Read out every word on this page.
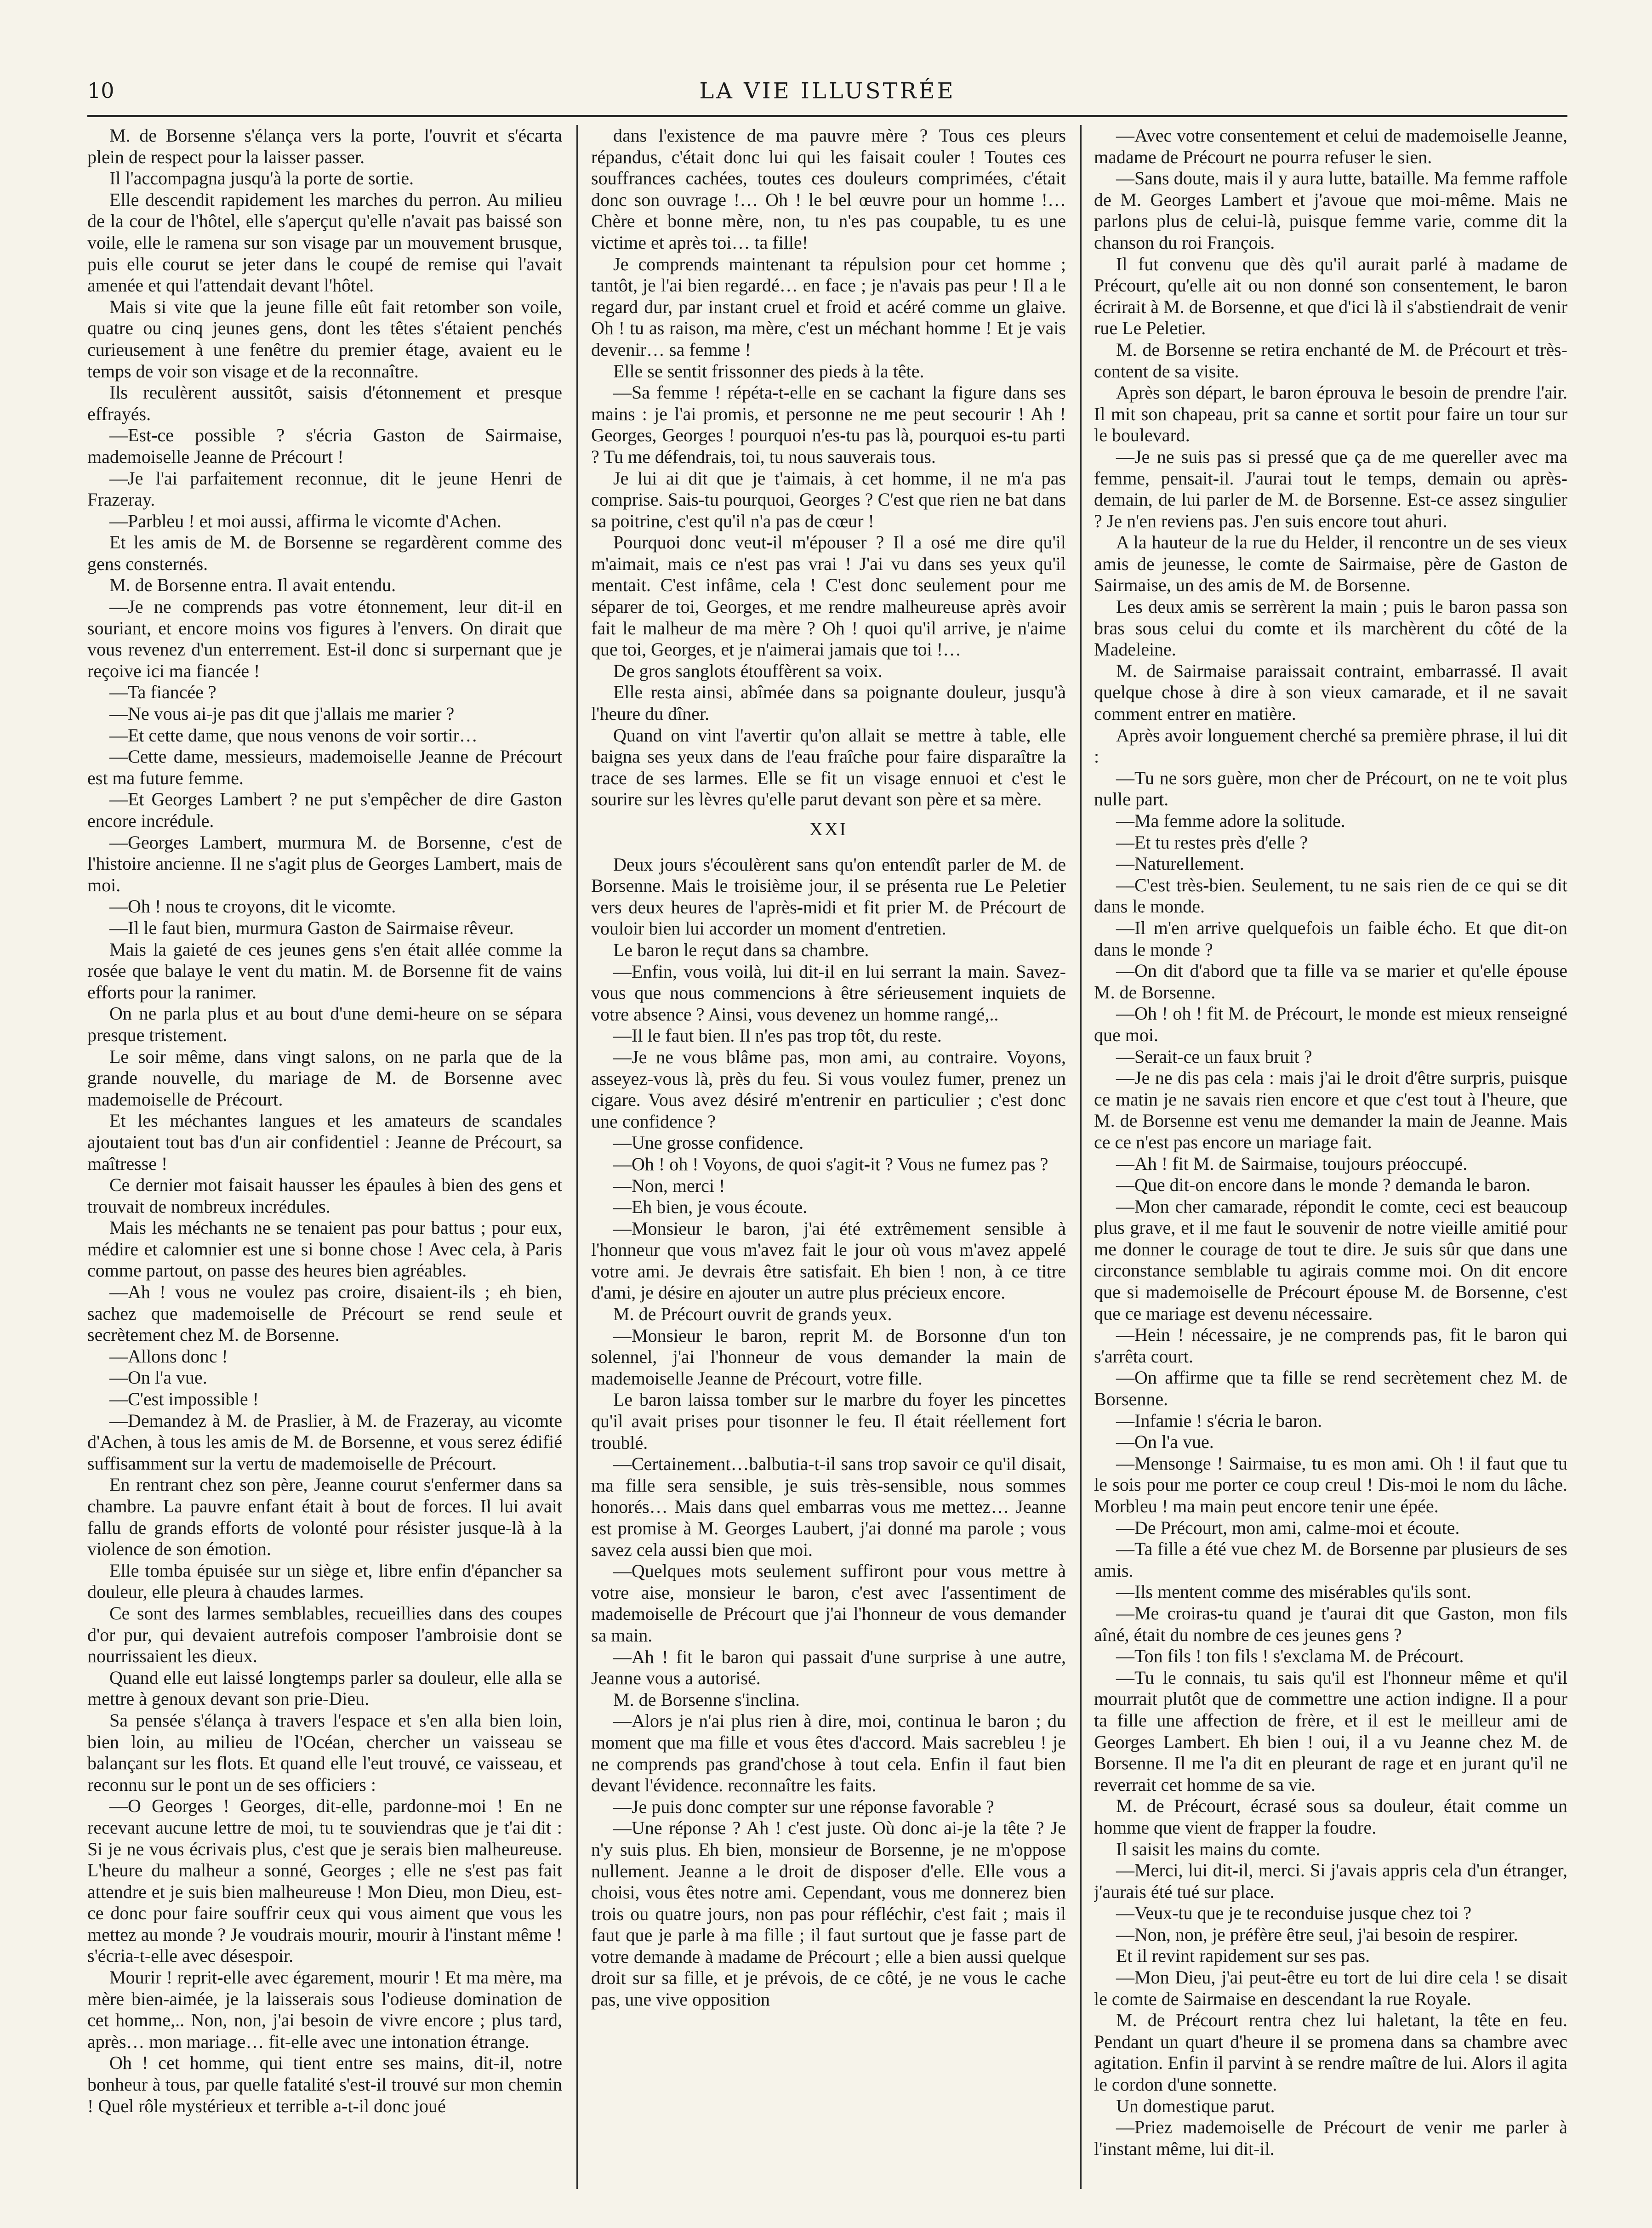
10	LA VIE ILLUSTRÉE

M. de Borsenne s'élança vers la porte, l'ouvrit et s'écarta plein de respect pour la laisser passer.

Il l'accompagna jusqu'à la porte de sortie.

Elle descendit rapidement les marches du perron. Au milieu de la cour de l'hôtel, elle s'aperçut qu'elle n'avait pas baissé son voile, elle le ramena sur son visage par un mouvement brusque, puis elle courut se jeter dans le coupé de remise qui l'avait amenée et qui l'attendait devant l'hôtel.

Mais si vite que la jeune fille eût fait retomber son voile, quatre ou cinq jeunes gens, dont les têtes s'étaient penchés curieusement à une fenêtre du premier étage, avaient eu le temps de voir son visage et de la reconnaître.

Ils reculèrent aussitôt, saisis d'étonnement et presque effrayés.

—Est-ce possible ? s'écria Gaston de Sairmaise, mademoiselle Jeanne de Précourt !

—Je l'ai parfaitement reconnue, dit le jeune Henri de Frazeray.

—Parbleu ! et moi aussi, affirma le vicomte d'Achen.

Et les amis de M. de Borsenne se regardèrent comme des gens consternés.

M. de Borsenne entra. Il avait entendu.

—Je ne comprends pas votre étonnement, leur dit-il en souriant, et encore moins vos figures à l'envers. On dirait que vous revenez d'un enterrement. Est-il donc si surpernant que je reçoive ici ma fiancée !

—Ta fiancée ?

—Ne vous ai-je pas dit que j'allais me marier ?

—Et cette dame, que nous venons de voir sortir…

—Cette dame, messieurs, mademoiselle Jeanne de Précourt est ma future femme.

—Et Georges Lambert ? ne put s'empêcher de dire Gaston encore incrédule.

—Georges Lambert, murmura M. de Borsenne, c'est de l'histoire ancienne. Il ne s'agit plus de Georges Lambert, mais de moi.

—Oh ! nous te croyons, dit le vicomte.

—Il le faut bien, murmura Gaston de Sairmaise rêveur.

Mais la gaieté de ces jeunes gens s'en était allée comme la rosée que balaye le vent du matin. M. de Borsenne fit de vains efforts pour la ranimer.

On ne parla plus et au bout d'une demi-heure on se sépara presque tristement.

Le soir même, dans vingt salons, on ne parla que de la grande nouvelle, du mariage de M. de Borsenne avec mademoiselle de Précourt.

Et les méchantes langues et les amateurs de scandales ajoutaient tout bas d'un air confidentiel : Jeanne de Précourt, sa maîtresse !

Ce dernier mot faisait hausser les épaules à bien des gens et trouvait de nombreux incrédules.

Mais les méchants ne se tenaient pas pour battus ; pour eux, médire et calomnier est une si bonne chose ! Avec cela, à Paris comme partout, on passe des heures bien agréables.

—Ah ! vous ne voulez pas croire, disaient-ils ; eh bien, sachez que mademoiselle de Précourt se rend seule et secrètement chez M. de Borsenne.

—Allons donc !

—On l'a vue.

—C'est impossible !

—Demandez à M. de Praslier, à M. de Frazeray, au vicomte d'Achen, à tous les amis de M. de Borsenne, et vous serez édifié suffisamment sur la vertu de mademoiselle de Précourt.

En rentrant chez son père, Jeanne courut s'enfermer dans sa chambre. La pauvre enfant était à bout de forces. Il lui avait fallu de grands efforts de volonté pour résister jusque-là à la violence de son émotion.

Elle tomba épuisée sur un siège et, libre enfin d'épancher sa douleur, elle pleura à chaudes larmes.

Ce sont des larmes semblables, recueillies dans des coupes d'or pur, qui devaient autrefois composer l'ambroisie dont se nourrissaient les dieux.

Quand elle eut laissé longtemps parler sa douleur, elle alla se mettre à genoux devant son prie-Dieu.

Sa pensée s'élança à travers l'espace et s'en alla bien loin, bien loin, au milieu de l'Océan, chercher un vaisseau se balançant sur les flots. Et quand elle l'eut trouvé, ce vaisseau, et reconnu sur le pont un de ses officiers :

—O Georges ! Georges, dit-elle, pardonne-moi ! En ne recevant aucune lettre de moi, tu te souviendras que je t'ai dit : Si je ne vous écrivais plus, c'est que je serais bien malheureuse. L'heure du malheur a sonné, Georges ; elle ne s'est pas fait attendre et je suis bien malheureuse ! Mon Dieu, mon Dieu, est-ce donc pour faire souffrir ceux qui vous aiment que vous les mettez au monde ? Je voudrais mourir, mourir à l'instant même ! s'écria-t-elle avec désespoir.

Mourir ! reprit-elle avec égarement, mourir ! Et ma mère, ma mère bien-aimée, je la laisserais sous l'odieuse domination de cet homme,.. Non, non, j'ai besoin de vivre encore ; plus tard, après… mon mariage… fit-elle avec une intonation étrange.

Oh ! cet homme, qui tient entre ses mains, dit-il, notre bonheur à tous, par quelle fatalité s'est-il trouvé sur mon chemin ! Quel rôle mystérieux et terrible a-t-il donc joué

dans l'existence de ma pauvre mère ? Tous ces pleurs répandus, c'était donc lui qui les faisait couler ! Toutes ces souffrances cachées, toutes ces douleurs comprimées, c'était donc son ouvrage !… Oh ! le bel œuvre pour un homme !… Chère et bonne mère, non, tu n'es pas coupable, tu es une victime et après toi… ta fille!

Je comprends maintenant ta répulsion pour cet homme ; tantôt, je l'ai bien regardé… en face ; je n'avais pas peur ! Il a le regard dur, par instant cruel et froid et acéré comme un glaive. Oh ! tu as raison, ma mère, c'est un méchant homme ! Et je vais devenir… sa femme !

Elle se sentit frissonner des pieds à la tête.

—Sa femme ! répéta-t-elle en se cachant la figure dans ses mains : je l'ai promis, et personne ne me peut secourir ! Ah ! Georges, Georges ! pourquoi n'es-tu pas là, pourquoi es-tu parti ? Tu me défendrais, toi, tu nous sauverais tous.

Je lui ai dit que je t'aimais, à cet homme, il ne m'a pas comprise. Sais-tu pourquoi, Georges ? C'est que rien ne bat dans sa poitrine, c'est qu'il n'a pas de cœur !

Pourquoi donc veut-il m'épouser ? Il a osé me dire qu'il m'aimait, mais ce n'est pas vrai ! J'ai vu dans ses yeux qu'il mentait. C'est infâme, cela ! C'est donc seulement pour me séparer de toi, Georges, et me rendre malheureuse après avoir fait le malheur de ma mère ? Oh ! quoi qu'il arrive, je n'aime que toi, Georges, et je n'aimerai jamais que toi !…

De gros sanglots étouffèrent sa voix.

Elle resta ainsi, abîmée dans sa poignante douleur, jusqu'à l'heure du dîner.

Quand on vint l'avertir qu'on allait se mettre à table, elle baigna ses yeux dans de l'eau fraîche pour faire disparaître la trace de ses larmes. Elle se fit un visage ennuoi et c'est le sourire sur les lèvres qu'elle parut devant son père et sa mère.

XXI

Deux jours s'écoulèrent sans qu'on entendît parler de M. de Borsenne. Mais le troisième jour, il se présenta rue Le Peletier vers deux heures de l'après-midi et fit prier M. de Précourt de vouloir bien lui accorder un moment d'entretien.

Le baron le reçut dans sa chambre.

—Enfin, vous voilà, lui dit-il en lui serrant la main. Savez-vous que nous commencions à être sérieusement inquiets de votre absence ? Ainsi, vous devenez un homme rangé,..

—Il le faut bien. Il n'es pas trop tôt, du reste.

—Je ne vous blâme pas, mon ami, au contraire. Voyons, asseyez-vous là, près du feu. Si vous voulez fumer, prenez un cigare. Vous avez désiré m'entrenir en particulier ; c'est donc une confidence ?

—Une grosse confidence.

—Oh ! oh ! Voyons, de quoi s'agit-it ? Vous ne fumez pas ?

—Non, merci !

—Eh bien, je vous écoute.

—Monsieur le baron, j'ai été extrêmement sensible à l'honneur que vous m'avez fait le jour où vous m'avez appelé votre ami. Je devrais être satisfait. Eh bien ! non, à ce titre d'ami, je désire en ajouter un autre plus précieux encore.

M. de Précourt ouvrit de grands yeux.

—Monsieur le baron, reprit M. de Borsonne d'un ton solennel, j'ai l'honneur de vous demander la main de mademoiselle Jeanne de Précourt, votre fille.

Le baron laissa tomber sur le marbre du foyer les pincettes qu'il avait prises pour tisonner le feu. Il était réellement fort troublé.

—Certainement…balbutia-t-il sans trop savoir ce qu'il disait, ma fille sera sensible, je suis très-sensible, nous sommes honorés… Mais dans quel embarras vous me mettez… Jeanne est promise à M. Georges Laubert, j'ai donné ma parole ; vous savez cela aussi bien que moi.

—Quelques mots seulement suffiront pour vous mettre à votre aise, monsieur le baron, c'est avec l'assentiment de mademoiselle de Précourt que j'ai l'honneur de vous demander sa main.

—Ah ! fit le baron qui passait d'une surprise à une autre, Jeanne vous a autorisé.

M. de Borsenne s'inclina.

—Alors je n'ai plus rien à dire, moi, continua le baron ; du moment que ma fille et vous êtes d'accord. Mais sacrebleu ! je ne comprends pas grand'chose à tout cela. Enfin il faut bien devant l'évidence. reconnaître les faits.

—Je puis donc compter sur une réponse favorable ?

—Une réponse ? Ah ! c'est juste. Où donc ai-je la tête ? Je n'y suis plus. Eh bien, monsieur de Borsenne, je ne m'oppose nullement. Jeanne a le droit de disposer d'elle. Elle vous a choisi, vous êtes notre ami. Cependant, vous me donnerez bien trois ou quatre jours, non pas pour réfléchir, c'est fait ; mais il faut que je parle à ma fille ; il faut surtout que je fasse part de votre demande à madame de Précourt ; elle a bien aussi quelque droit sur sa fille, et je prévois, de ce côté, je ne vous le cache pas, une vive opposition

—Avec votre consentement et celui de mademoiselle Jeanne, madame de Précourt ne pourra refuser le sien.

—Sans doute, mais il y aura lutte, bataille. Ma femme raffole de M. Georges Lambert et j'avoue que moi-même. Mais ne parlons plus de celui-là, puisque femme varie, comme dit la chanson du roi François.

Il fut convenu que dès qu'il aurait parlé à madame de Précourt, qu'elle ait ou non donné son consentement, le baron écrirait à M. de Borsenne, et que d'ici là il s'abstiendrait de venir rue Le Peletier.

M. de Borsenne se retira enchanté de M. de Précourt et très-content de sa visite.

Après son départ, le baron éprouva le besoin de prendre l'air. Il mit son chapeau, prit sa canne et sortit pour faire un tour sur le boulevard.

—Je ne suis pas si pressé que ça de me quereller avec ma femme, pensait-il. J'aurai tout le temps, demain ou après-demain, de lui parler de M. de Borsenne. Est-ce assez singulier ? Je n'en reviens pas. J'en suis encore tout ahuri.

A la hauteur de la rue du Helder, il rencontre un de ses vieux amis de jeunesse, le comte de Sairmaise, père de Gaston de Sairmaise, un des amis de M. de Borsenne.

Les deux amis se serrèrent la main ; puis le baron passa son bras sous celui du comte et ils marchèrent du côté de la Madeleine.

M. de Sairmaise paraissait contraint, embarrassé. Il avait quelque chose à dire à son vieux camarade, et il ne savait comment entrer en matière.

Après avoir longuement cherché sa première phrase, il lui dit :

—Tu ne sors guère, mon cher de Précourt, on ne te voit plus nulle part.

—Ma femme adore la solitude.

—Et tu restes près d'elle ?

—Naturellement.

—C'est très-bien. Seulement, tu ne sais rien de ce qui se dit dans le monde.

—Il m'en arrive quelquefois un faible écho. Et que dit-on dans le monde ?

—On dit d'abord que ta fille va se marier et qu'elle épouse M. de Borsenne.

—Oh ! oh ! fit M. de Précourt, le monde est mieux renseigné que moi.

—Serait-ce un faux bruit ?

—Je ne dis pas cela : mais j'ai le droit d'être surpris, puisque ce matin je ne savais rien encore et que c'est tout à l'heure, que M. de Borsenne est venu me demander la main de Jeanne. Mais ce ce n'est pas encore un mariage fait.

—Ah ! fit M. de Sairmaise, toujours préoccupé.

—Que dit-on encore dans le monde ? demanda le baron.

—Mon cher camarade, répondit le comte, ceci est beaucoup plus grave, et il me faut le souvenir de notre vieille amitié pour me donner le courage de tout te dire. Je suis sûr que dans une circonstance semblable tu agirais comme moi. On dit encore que si mademoiselle de Précourt épouse M. de Borsenne, c'est que ce mariage est devenu nécessaire.

—Hein ! nécessaire, je ne comprends pas, fit le baron qui s'arrêta court.

—On affirme que ta fille se rend secrètement chez M. de Borsenne.

—Infamie ! s'écria le baron.

—On l'a vue.

—Mensonge ! Sairmaise, tu es mon ami. Oh ! il faut que tu le sois pour me porter ce coup creul ! Dis-moi le nom du lâche. Morbleu ! ma main peut encore tenir une épée.

—De Précourt, mon ami, calme-moi et écoute.

—Ta fille a été vue chez M. de Borsenne par plusieurs de ses amis.

—Ils mentent comme des misérables qu'ils sont.

—Me croiras-tu quand je t'aurai dit que Gaston, mon fils aîné, était du nombre de ces jeunes gens ?

—Ton fils ! ton fils ! s'exclama M. de Précourt.

—Tu le connais, tu sais qu'il est l'honneur même et qu'il mourrait plutôt que de commettre une action indigne. Il a pour ta fille une affection de frère, et il est le meilleur ami de Georges Lambert. Eh bien ! oui, il a vu Jeanne chez M. de Borsenne. Il me l'a dit en pleurant de rage et en jurant qu'il ne reverrait cet homme de sa vie.

M. de Précourt, écrasé sous sa douleur, était comme un homme que vient de frapper la foudre.

Il saisit les mains du comte.

—Merci, lui dit-il, merci. Si j'avais appris cela d'un étranger, j'aurais été tué sur place.

—Veux-tu que je te reconduise jusque chez toi ?

—Non, non, je préfère être seul, j'ai besoin de respirer.

Et il revint rapidement sur ses pas.

—Mon Dieu, j'ai peut-être eu tort de lui dire cela ! se disait le comte de Sairmaise en descendant la rue Royale.

M. de Précourt rentra chez lui haletant, la tête en feu. Pendant un quart d'heure il se promena dans sa chambre avec agitation. Enfin il parvint à se rendre maître de lui. Alors il agita le cordon d'une sonnette.

Un domestique parut.

—Priez mademoiselle de Précourt de venir me parler à l'instant même, lui dit-il.
